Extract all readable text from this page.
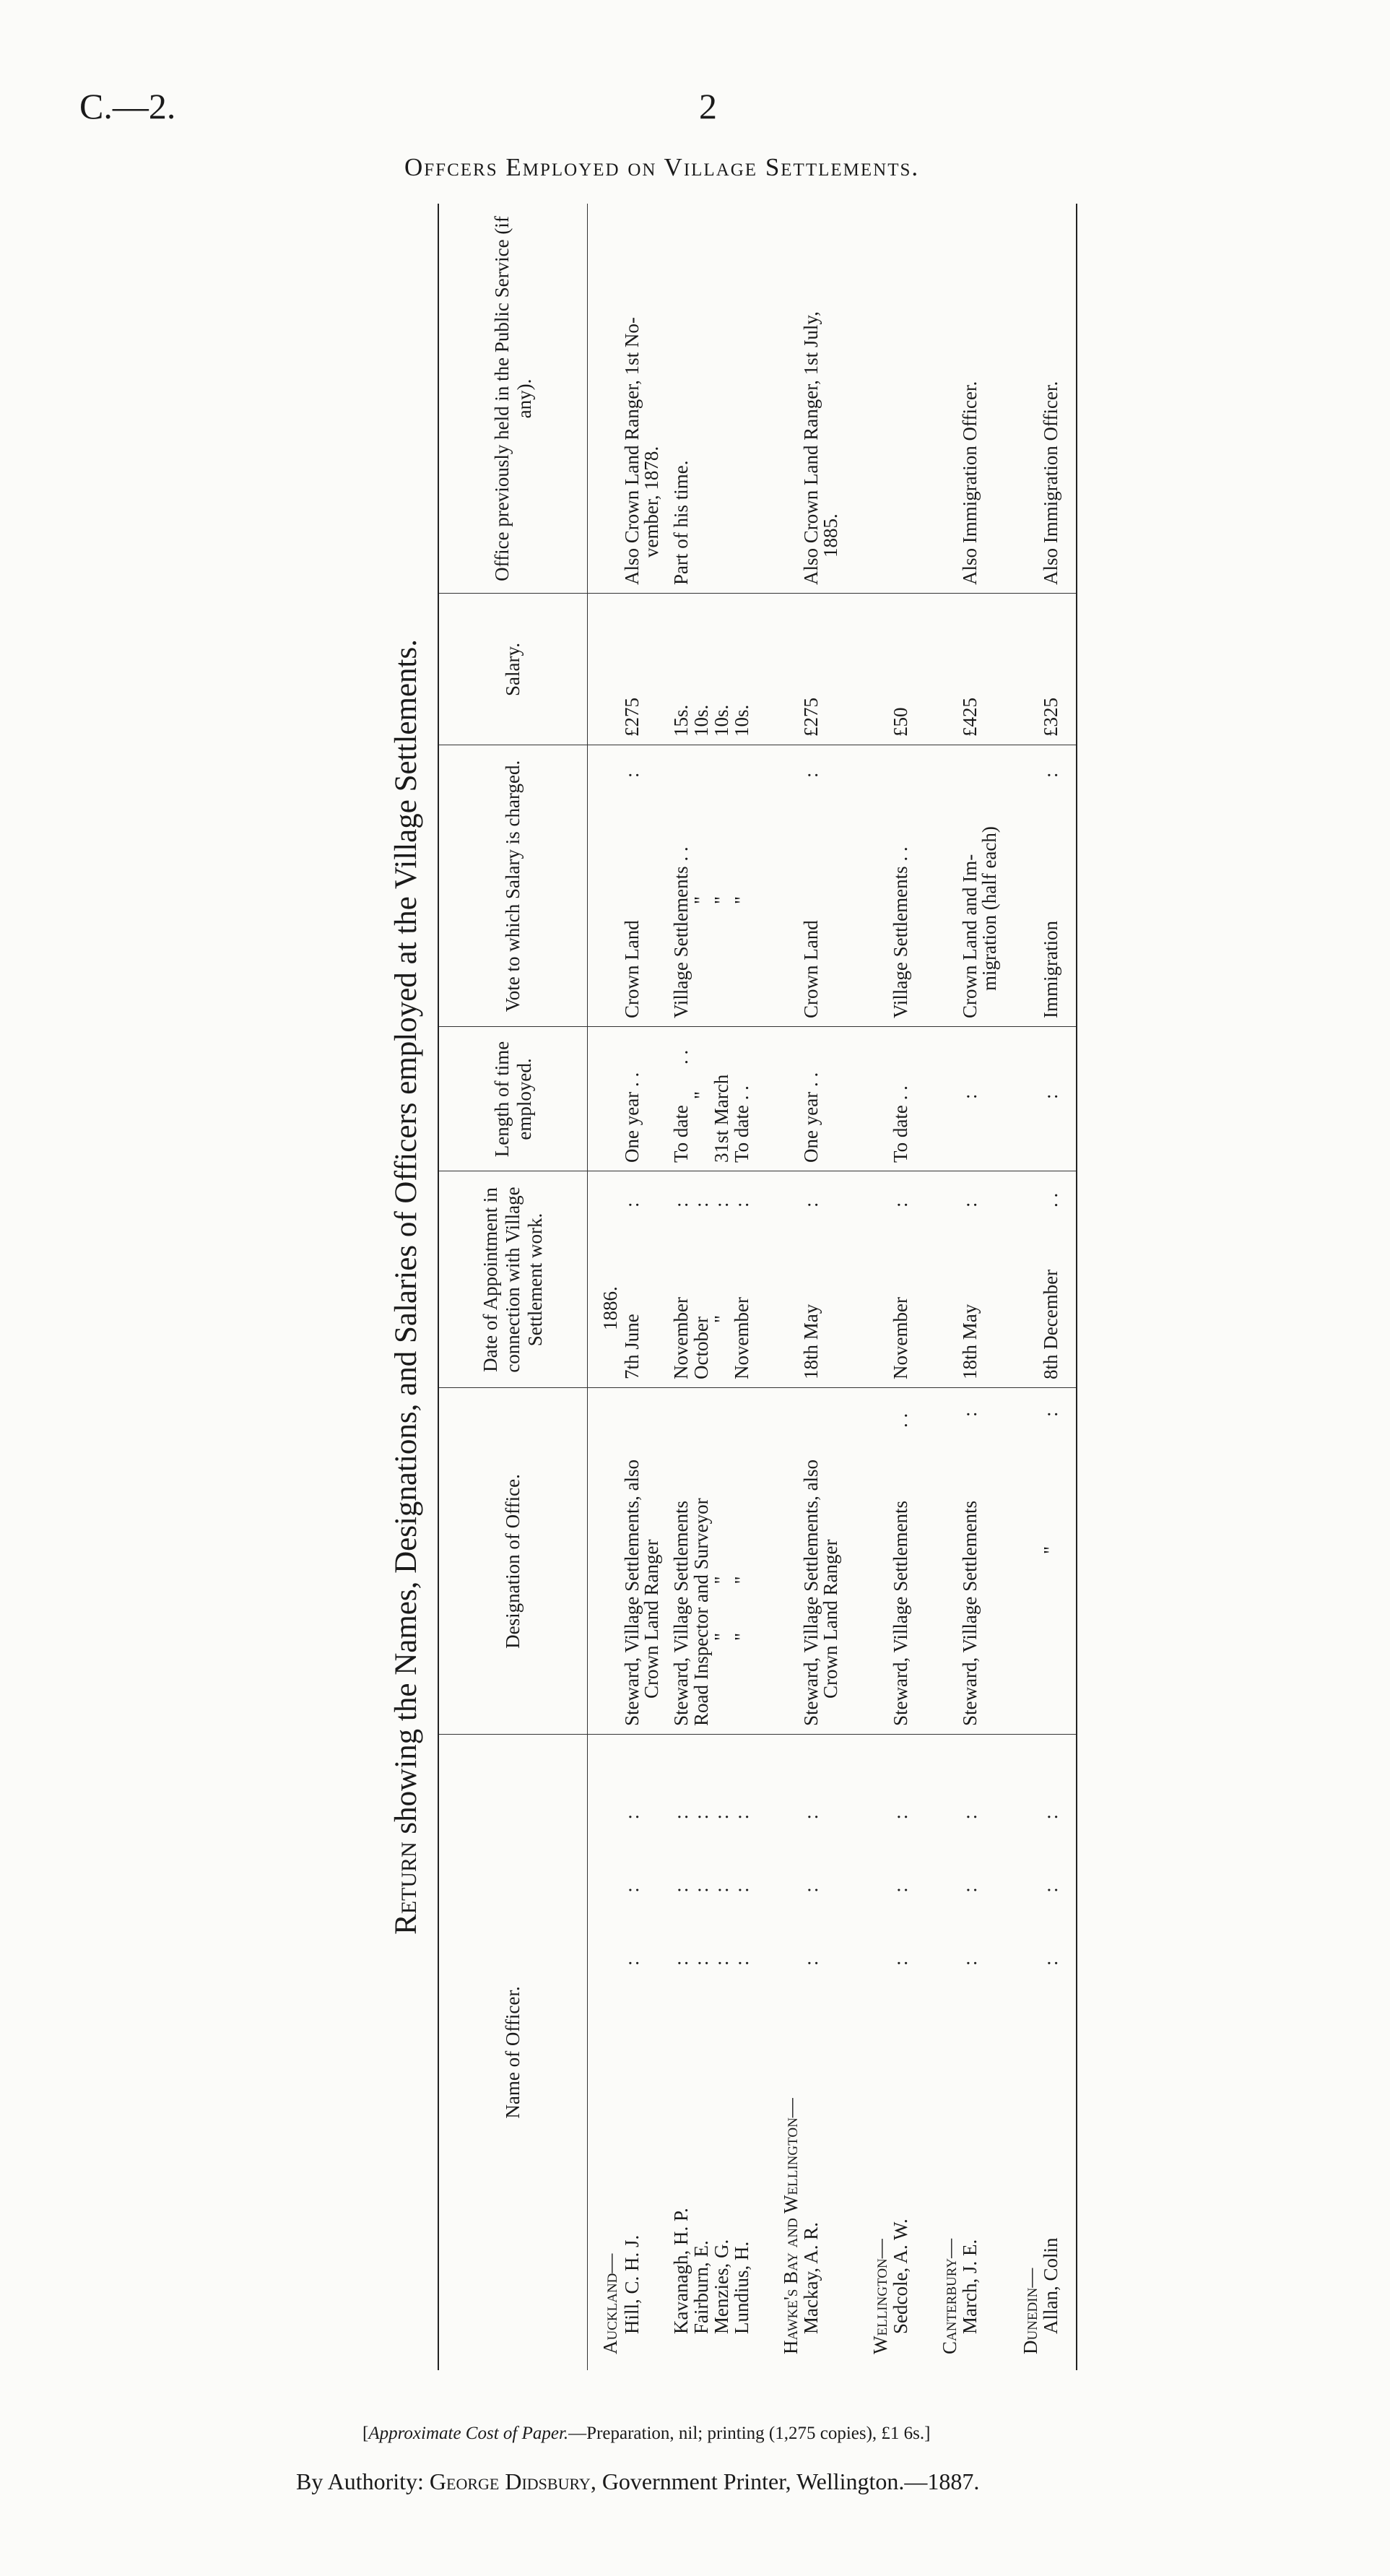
C.—2.	2
Offcers Employed on Village Settlements.
Return showing the Names, Designations, and Salaries of Officers employed at the Village Settlements.
Name of Officer.
Designation of Office.
Date of Appointment in connection with Village Settlement work.
Length of time employed.
Vote to which Salary is charged.
Salary.
Office previously held in the Public Service (if any).
Auckland—
1886.
Hill, C. H. J.
:     :     :
Steward, Village Settlements, also
Crown Land Ranger
7th June
:
One year . .
Crown Land
:
£275
Also Crown Land Ranger, 1st No-
vember, 1878.
Kavanagh, H. P.
:     :     :
Steward, Village Settlements
November
:
To date
. .
Village Settlements . .
15s.
Part of his time.
Fairburn, E.
:     :     :
Road Inspector and Surveyor
October
:
"
"
10s.
Menzies, G.
:     :     :
"          "
"
:
31st March
"
10s.
Lundius, H.
:     :     :
"          "
November
:
To date . .
"
10s.
Hawke's Bay and Wellington—
Mackay, A. R.
:     :     :
Steward, Village Settlements, also
Crown Land Ranger
18th May
:
One year . .
Crown Land
:
£275
Also Crown Land Ranger, 1st July,
1885.
Wellington—
Sedcole, A. W.
:     :     :
Steward, Village Settlements
. .
November
:
To date . .
Village Settlements . .
£50
Canterbury—
March, J. E.
:     :     :
Steward, Village Settlements
:
18th May
:
:
Crown Land and Im-
migration (half each)
£425
Also Immigration Officer.
Dunedin—
Allan, Colin
:     :     :
"
:
8th December
. .
:
Immigration
:
£325
Also Immigration Officer.
[Approximate Cost of Paper.—Preparation, nil; printing (1,275 copies), £1 6s.]
By Authority: George Didsbury, Government Printer, Wellington.—1887.
